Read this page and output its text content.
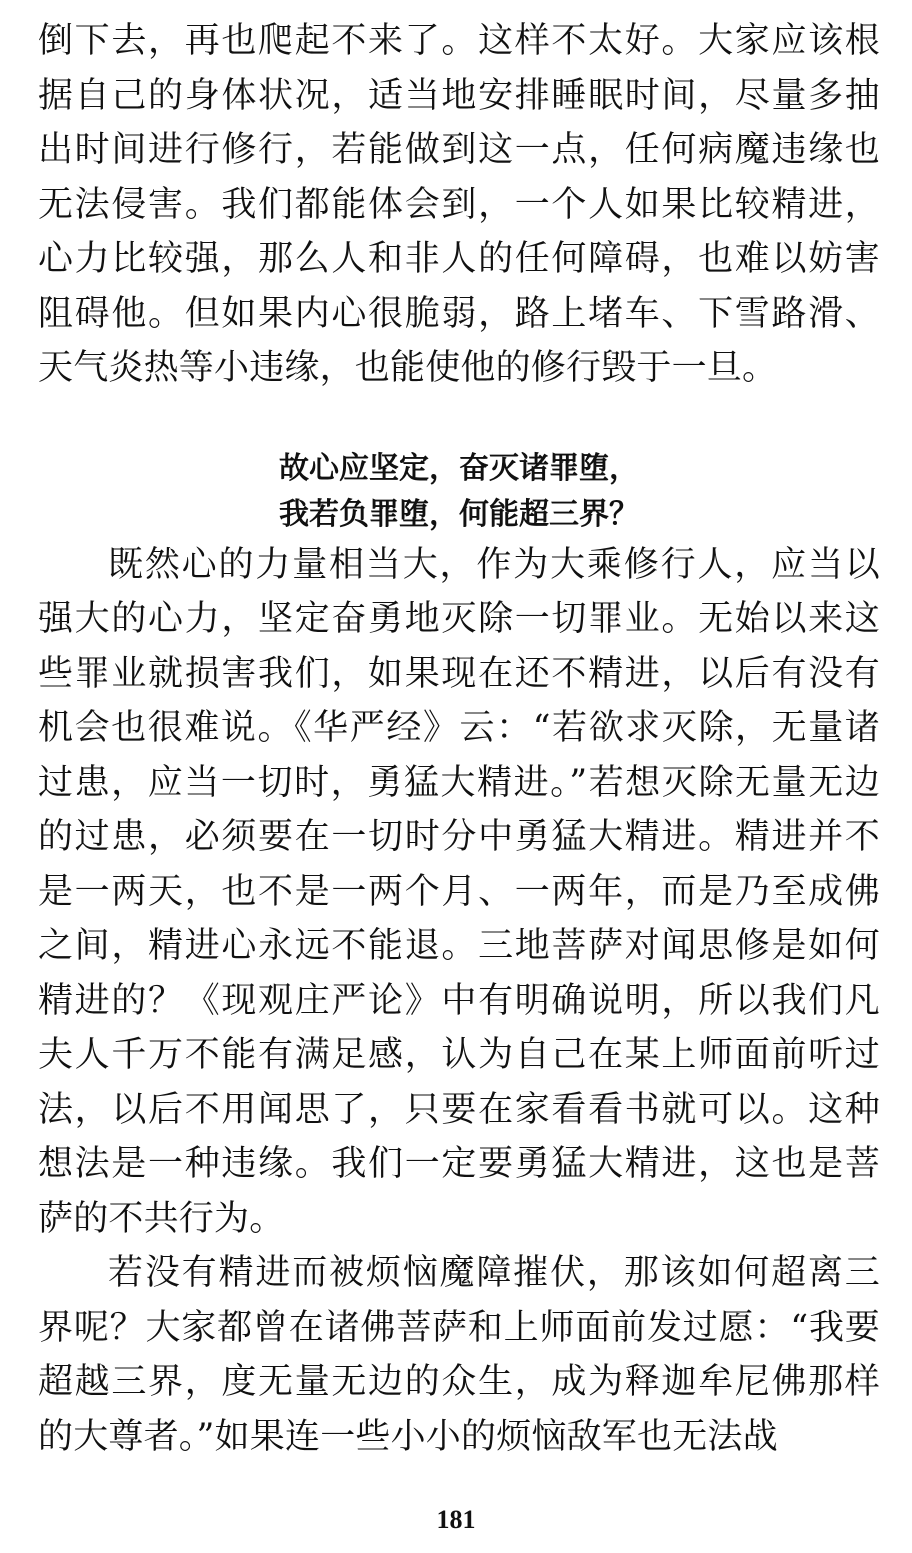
倒下去，再也爬起不来了。这样不太好。大家应该根据自己的身体状况，适当地安排睡眠时间，尽量多抽出时间进行修行，若能做到这一点，任何病魔违缘也无法侵害。我们都能体会到，一个人如果比较精进，心力比较强，那么人和非人的任何障碍，也难以妨害阻碍他。但如果内心很脆弱，路上堵车、下雪路滑、天气炎热等小违缘，也能使他的修行毁于一旦。

故心应坚定，奋灭诸罪堕，
我若负罪堕，何能超三界？

既然心的力量相当大，作为大乘修行人，应当以强大的心力，坚定奋勇地灭除一切罪业。无始以来这些罪业就损害我们，如果现在还不精进，以后有没有机会也很难说。《华严经》云：“若欲求灭除，无量诸过患，应当一切时，勇猛大精进。”若想灭除无量无边的过患，必须要在一切时分中勇猛大精进。精进并不是一两天，也不是一两个月、一两年，而是乃至成佛之间，精进心永远不能退。三地菩萨对闻思修是如何精进的？《现观庄严论》中有明确说明，所以我们凡夫人千万不能有满足感，认为自己在某上师面前听过法，以后不用闻思了，只要在家看看书就可以。这种想法是一种违缘。我们一定要勇猛大精进，这也是菩萨的不共行为。

若没有精进而被烦恼魔障摧伏，那该如何超离三界呢？大家都曾在诸佛菩萨和上师面前发过愿：“我要超越三界，度无量无边的众生，成为释迦牟尼佛那样的大尊者。”如果连一些小小的烦恼敌军也无法战

181
